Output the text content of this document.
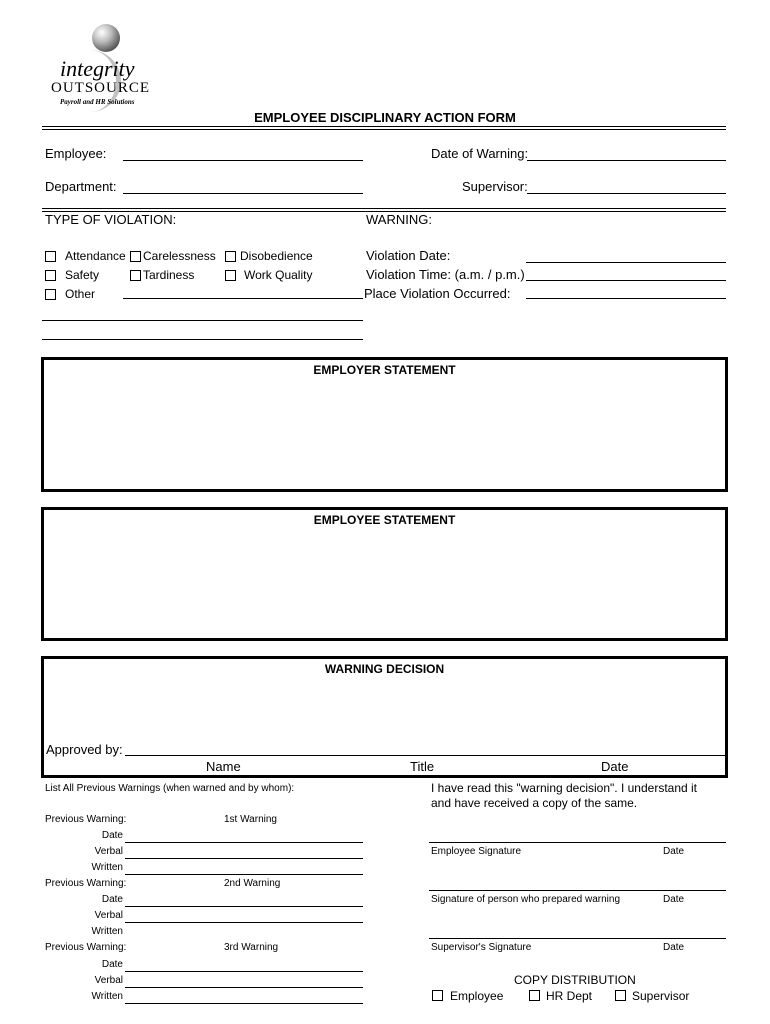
integrity
OUTSOURCE
Payroll and HR Solutions
EMPLOYEE DISCIPLINARY ACTION FORM
Employee:	Date of Warning:
Department:	Supervisor:
TYPE OF VIOLATION:	WARNING:
Attendance Carelessness Disobedience
Safety	Tardiness	Work Quality
Other
Violation Date:
Violation Time: (a.m. / p.m.)
Place Violation Occurred:
EMPLOYER STATEMENT
EMPLOYEE STATEMENT
WARNING DECISION
Approved by:
Name	Title	Date
List All Previous Warnings (when warned and by whom):
Previous Warning:	1st Warning
Date
Verbal
Written
Previous Warning:	2nd Warning
Date
Verbal
Written
Previous Warning:	3rd Warning
Date
Verbal
Written
I have read this "warning decision". I understand it
and have received a copy of the same.
Employee Signature	Date
Signature of person who prepared warning	Date
Supervisor's Signature	Date
COPY DISTRIBUTION
Employee	HR Dept	Supervisor
